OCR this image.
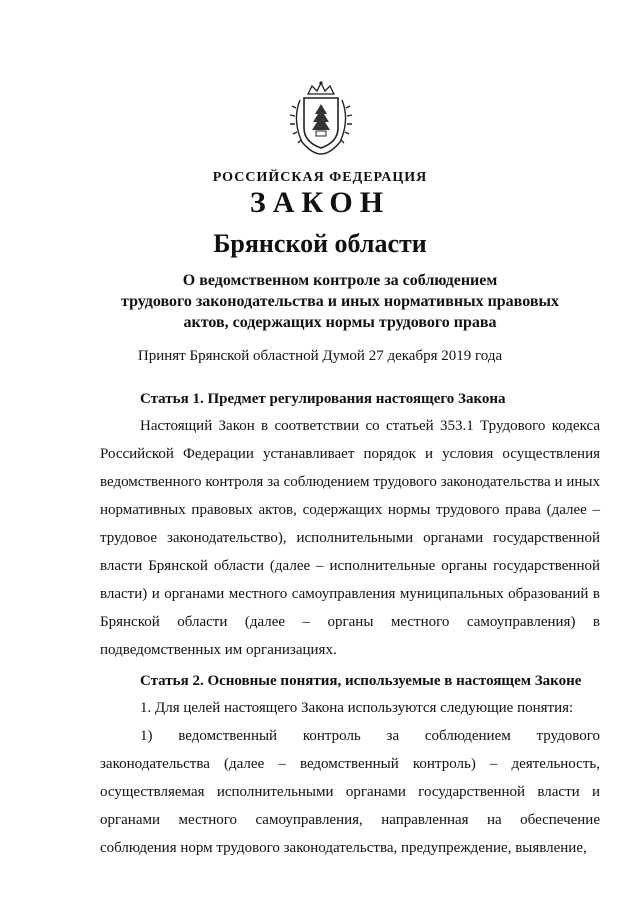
РОССИЙСКАЯ ФЕДЕРАЦИЯ
ЗАКОН
Брянской области
О ведомственном контроле за соблюдением
трудового законодательства и иных нормативных правовых
актов, содержащих нормы трудового права
Принят Брянской областной Думой 27 декабря 2019 года

Статья 1. Предмет регулирования настоящего Закона

Настоящий Закон в соответствии со статьей 353.1 Трудового кодекса Российской Федерации устанавливает порядок и условия осуществления ведомственного контроля за соблюдением трудового законодательства и иных нормативных правовых актов, содержащих нормы трудового права (далее – трудовое законодательство), исполнительными органами государственной власти Брянской области (далее – исполнительные органы государственной власти) и органами местного самоуправления муниципальных образований в Брянской области (далее – органы местного самоуправления) в подведомственных им организациях.

Статья 2. Основные понятия, используемые в настоящем Законе

1. Для целей настоящего Закона используются следующие понятия:

1) ведомственный контроль за соблюдением трудового законодательства (далее – ведомственный контроль) – деятельность, осуществляемая исполнительными органами государственной власти и органами местного самоуправления, направленная на обеспечение соблюдения норм трудового законодательства, предупреждение, выявление,
